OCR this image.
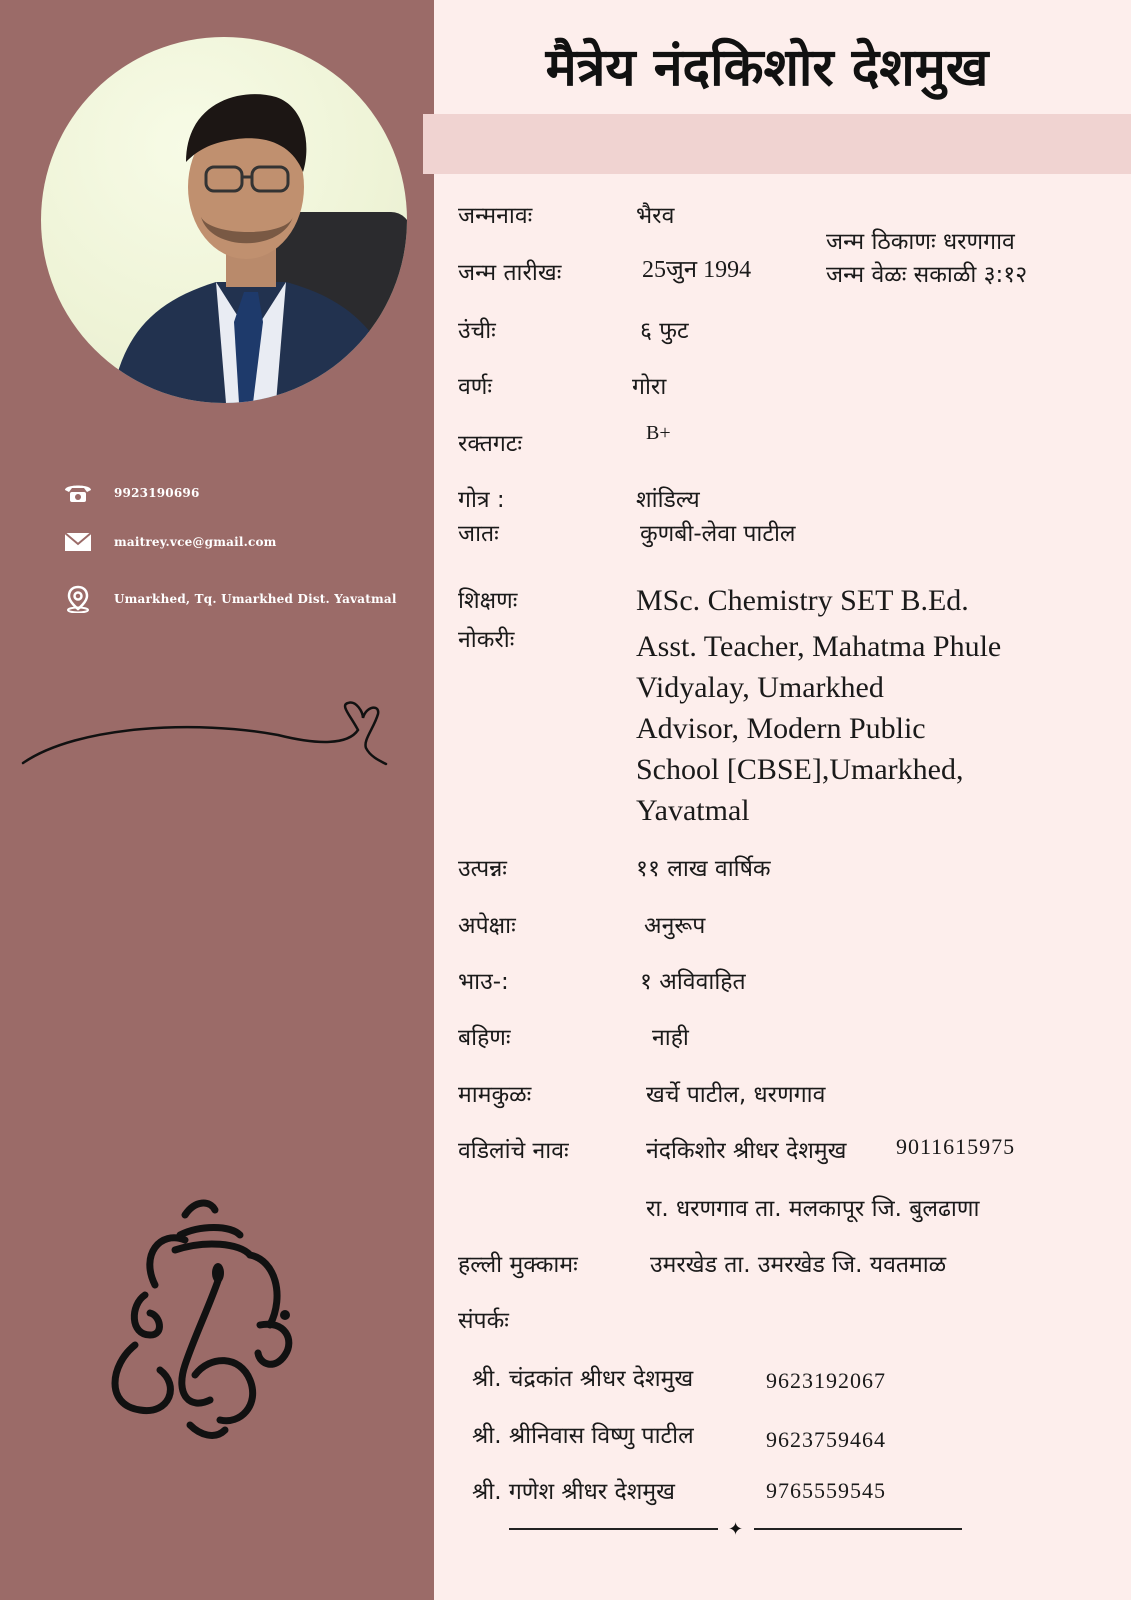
9923190696
maitrey.vce@gmail.com
Umarkhed, Tq. Umarkhed Dist. Yavatmal
मैत्रेय नंदकिशोर देशमुख
जन्मनावः	भैरव
जन्म तारीखः	25जुन 1994
जन्म ठिकाणः धरणगाव
जन्म वेळः सकाळी ३:१२
उंचीः	६ फुट
वर्णः	गोरा
रक्तगटः	B+
गोत्र :	शांडिल्य
जातः	कुणबी-लेवा पाटील
शिक्षणः	MSc. Chemistry SET B.Ed.
नोकरीः	Asst. Teacher, Mahatma Phule
Vidyalay, Umarkhed
Advisor, Modern Public
School [CBSE],Umarkhed,
Yavatmal
उत्पन्नः	११ लाख वार्षिक
अपेक्षाः	अनुरूप
भाउ-:	१ अविवाहित
बहिणः	नाही
मामकुळः	खर्चे पाटील, धरणगाव
वडिलांचे नावः	नंदकिशोर श्रीधर देशमुख 9011615975
रा. धरणगाव ता. मलकापूर जि. बुलढाणा
हल्ली मुक्कामः	उमरखेड ता. उमरखेड जि. यवतमाळ
संपर्कः
श्री. चंद्रकांत श्रीधर देशमुख	9623192067
श्री. श्रीनिवास विष्णु पाटील	9623759464
श्री. गणेश श्रीधर देशमुख	9765559545
✦
